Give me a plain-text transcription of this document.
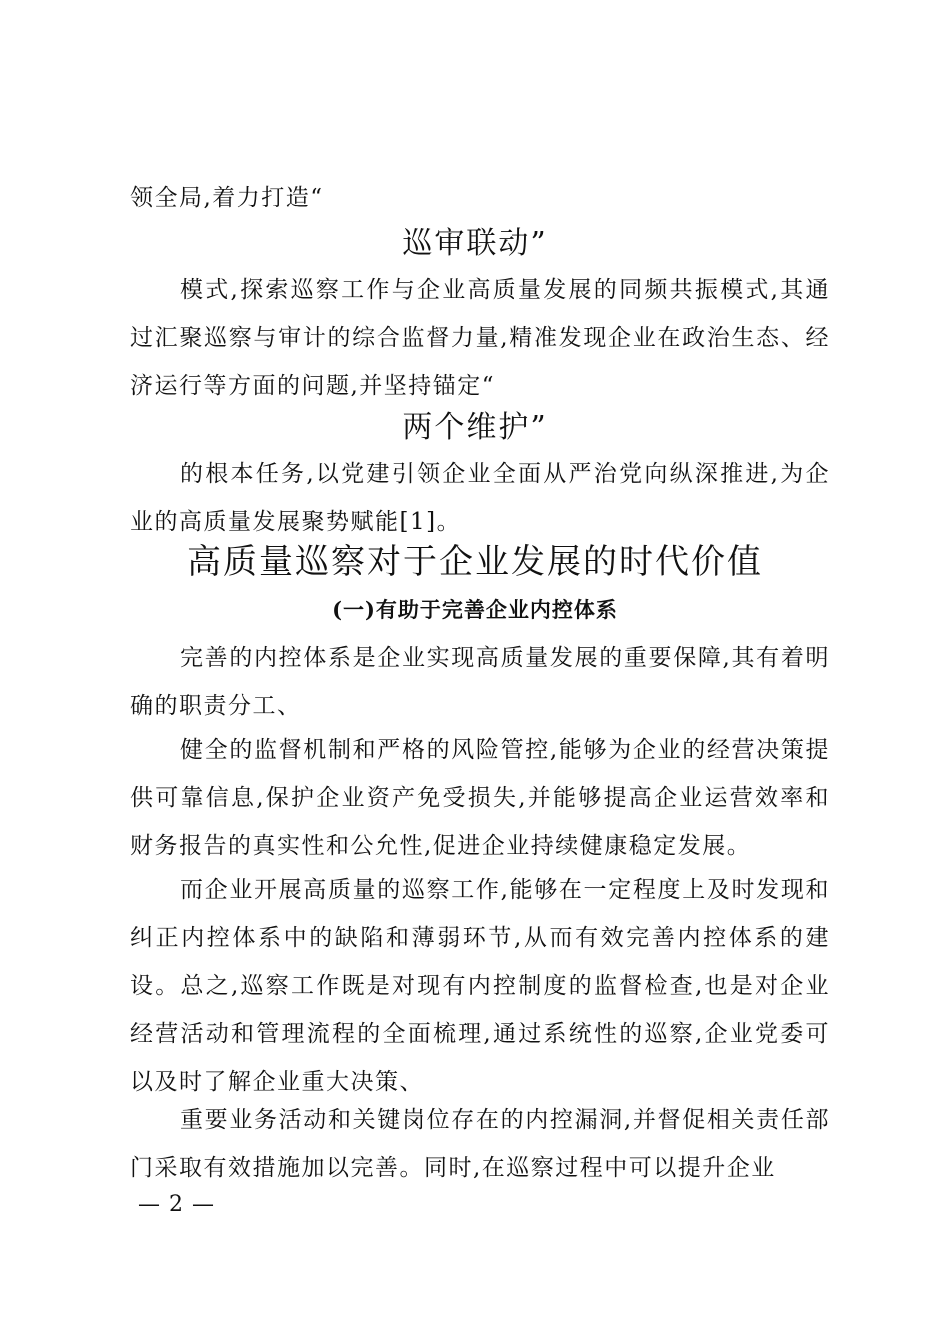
领全局,着力打造“
巡审联动”
模式,探索巡察工作与企业高质量发展的同频共振模式,其通过汇聚巡察与审计的综合监督力量,精准发现企业在政治生态、经济运行等方面的问题,并坚持锚定“
两个维护”
的根本任务,以党建引领企业全面从严治党向纵深推进,为企业的高质量发展聚势赋能[1]。
高质量巡察对于企业发展的时代价值
(一)有助于完善企业内控体系
完善的内控体系是企业实现高质量发展的重要保障,其有着明确的职责分工、
健全的监督机制和严格的风险管控,能够为企业的经营决策提供可靠信息,保护企业资产免受损失,并能够提高企业运营效率和财务报告的真实性和公允性,促进企业持续健康稳定发展。
而企业开展高质量的巡察工作,能够在一定程度上及时发现和纠正内控体系中的缺陷和薄弱环节,从而有效完善内控体系的建设。总之,巡察工作既是对现有内控制度的监督检查,也是对企业经营活动和管理流程的全面梳理,通过系统性的巡察,企业党委可以及时了解企业重大决策、
重要业务活动和关键岗位存在的内控漏洞,并督促相关责任部门采取有效措施加以完善。同时,在巡察过程中可以提升企业
— 2 —
